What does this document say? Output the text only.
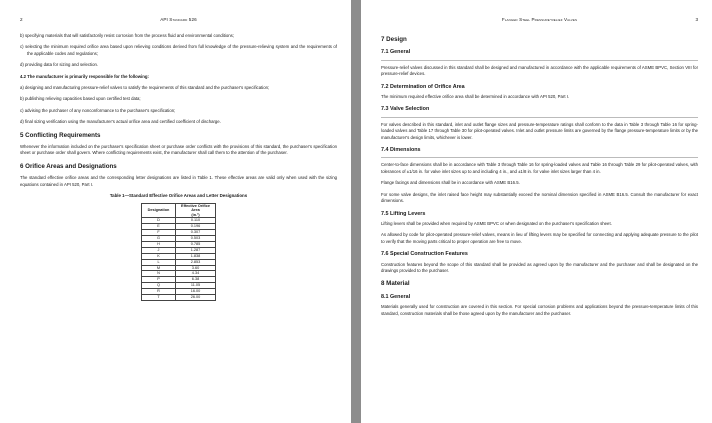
2	API Standard 526
b) specifying materials that will satisfactorily resist corrosion from the process fluid and environmental conditions;
c) selecting the minimum required orifice area based upon relieving conditions derived from full knowledge of the pressure-relieving system and the requirements of the applicable codes and regulations;
d) providing data for sizing and selection.
4.2 The manufacturer is primarily responsible for the following:
a) designing and manufacturing pressure-relief valves to satisfy the requirements of this standard and the purchaser's specification;
b) publishing relieving capacities based upon certified test data;
c) advising the purchaser of any nonconformance to the purchaser's specification;
d) final sizing verification using the manufacturer's actual orifice area and certified coefficient of discharge.
5 Conflicting Requirements
Whenever the information included on the purchaser's specification sheet or purchase order conflicts with the provisions of this standard, the purchaser's specification sheet or purchase order shall govern. Where conflicting requirements exist, the manufacturer shall call them to the attention of the purchaser.
6 Orifice Areas and Designations
The standard effective orifice areas and the corresponding letter designations are listed in Table 1. These effective areas are valid only when used with the sizing equations contained in API 520, Part I.
Table 1—Standard Effective Orifice Areas and Letter Designations
Designation	Effective Orifice Area
(in.²)
D	0.110
E	0.196
F	0.307
G	0.503
H	0.785
J	1.287
K	1.838
L	2.853
M	3.60
N	4.34
P	6.38
Q	11.05
R	16.00
T	26.00
Flanged Steel Pressure-relief Valves	3
7 Design
7.1 General
Pressure-relief valves discussed in this standard shall be designed and manufactured in accordance with the applicable requirements of ASME BPVC, Section VIII for pressure-relief devices.
7.2 Determination of Orifice Area
The minimum required effective orifice area shall be determined in accordance with API 520, Part I.
7.3 Valve Selection
For valves described in this standard, inlet and outlet flange sizes and pressure-temperature ratings shall conform to the data in Table 3 through Table 16 for spring-loaded valves and Table 17 through Table 30 for pilot-operated valves. Inlet and outlet pressure limits are governed by the flange pressure-temperature limits or by the manufacturer's design limits, whichever is lower.
7.4 Dimensions
Center-to-face dimensions shall be in accordance with Table 3 through Table 16 for spring-loaded valves and Table 16 through Table 29 for pilot-operated valves, with tolerances of ±1/16 in. for valve inlet sizes up to and including 4 in., and ±1/8 in. for valve inlet sizes larger than 4 in.
Flange facings and dimensions shall be in accordance with ASME B16.5.
For some valve designs, the inlet raised face height may substantially exceed the nominal dimension specified in ASME B16.5. Consult the manufacturer for exact dimensions.
7.5 Lifting Levers
Lifting levers shall be provided when required by ASME BPVC or when designated on the purchaser's specification sheet.
As allowed by code for pilot-operated pressure-relief valves, means in lieu of lifting levers may be specified for connecting and applying adequate pressure to the pilot to verify that the moving parts critical to proper operation are free to move.
7.6 Special Construction Features
Construction features beyond the scope of this standard shall be provided as agreed upon by the manufacturer and the purchaser and shall be designated on the drawings provided to the purchaser.
8 Material
8.1 General
Materials generally used for construction are covered in this section. For special corrosion problems and applications beyond the pressure-temperature limits of this standard, construction materials shall be those agreed upon by the manufacturer and the purchaser.
